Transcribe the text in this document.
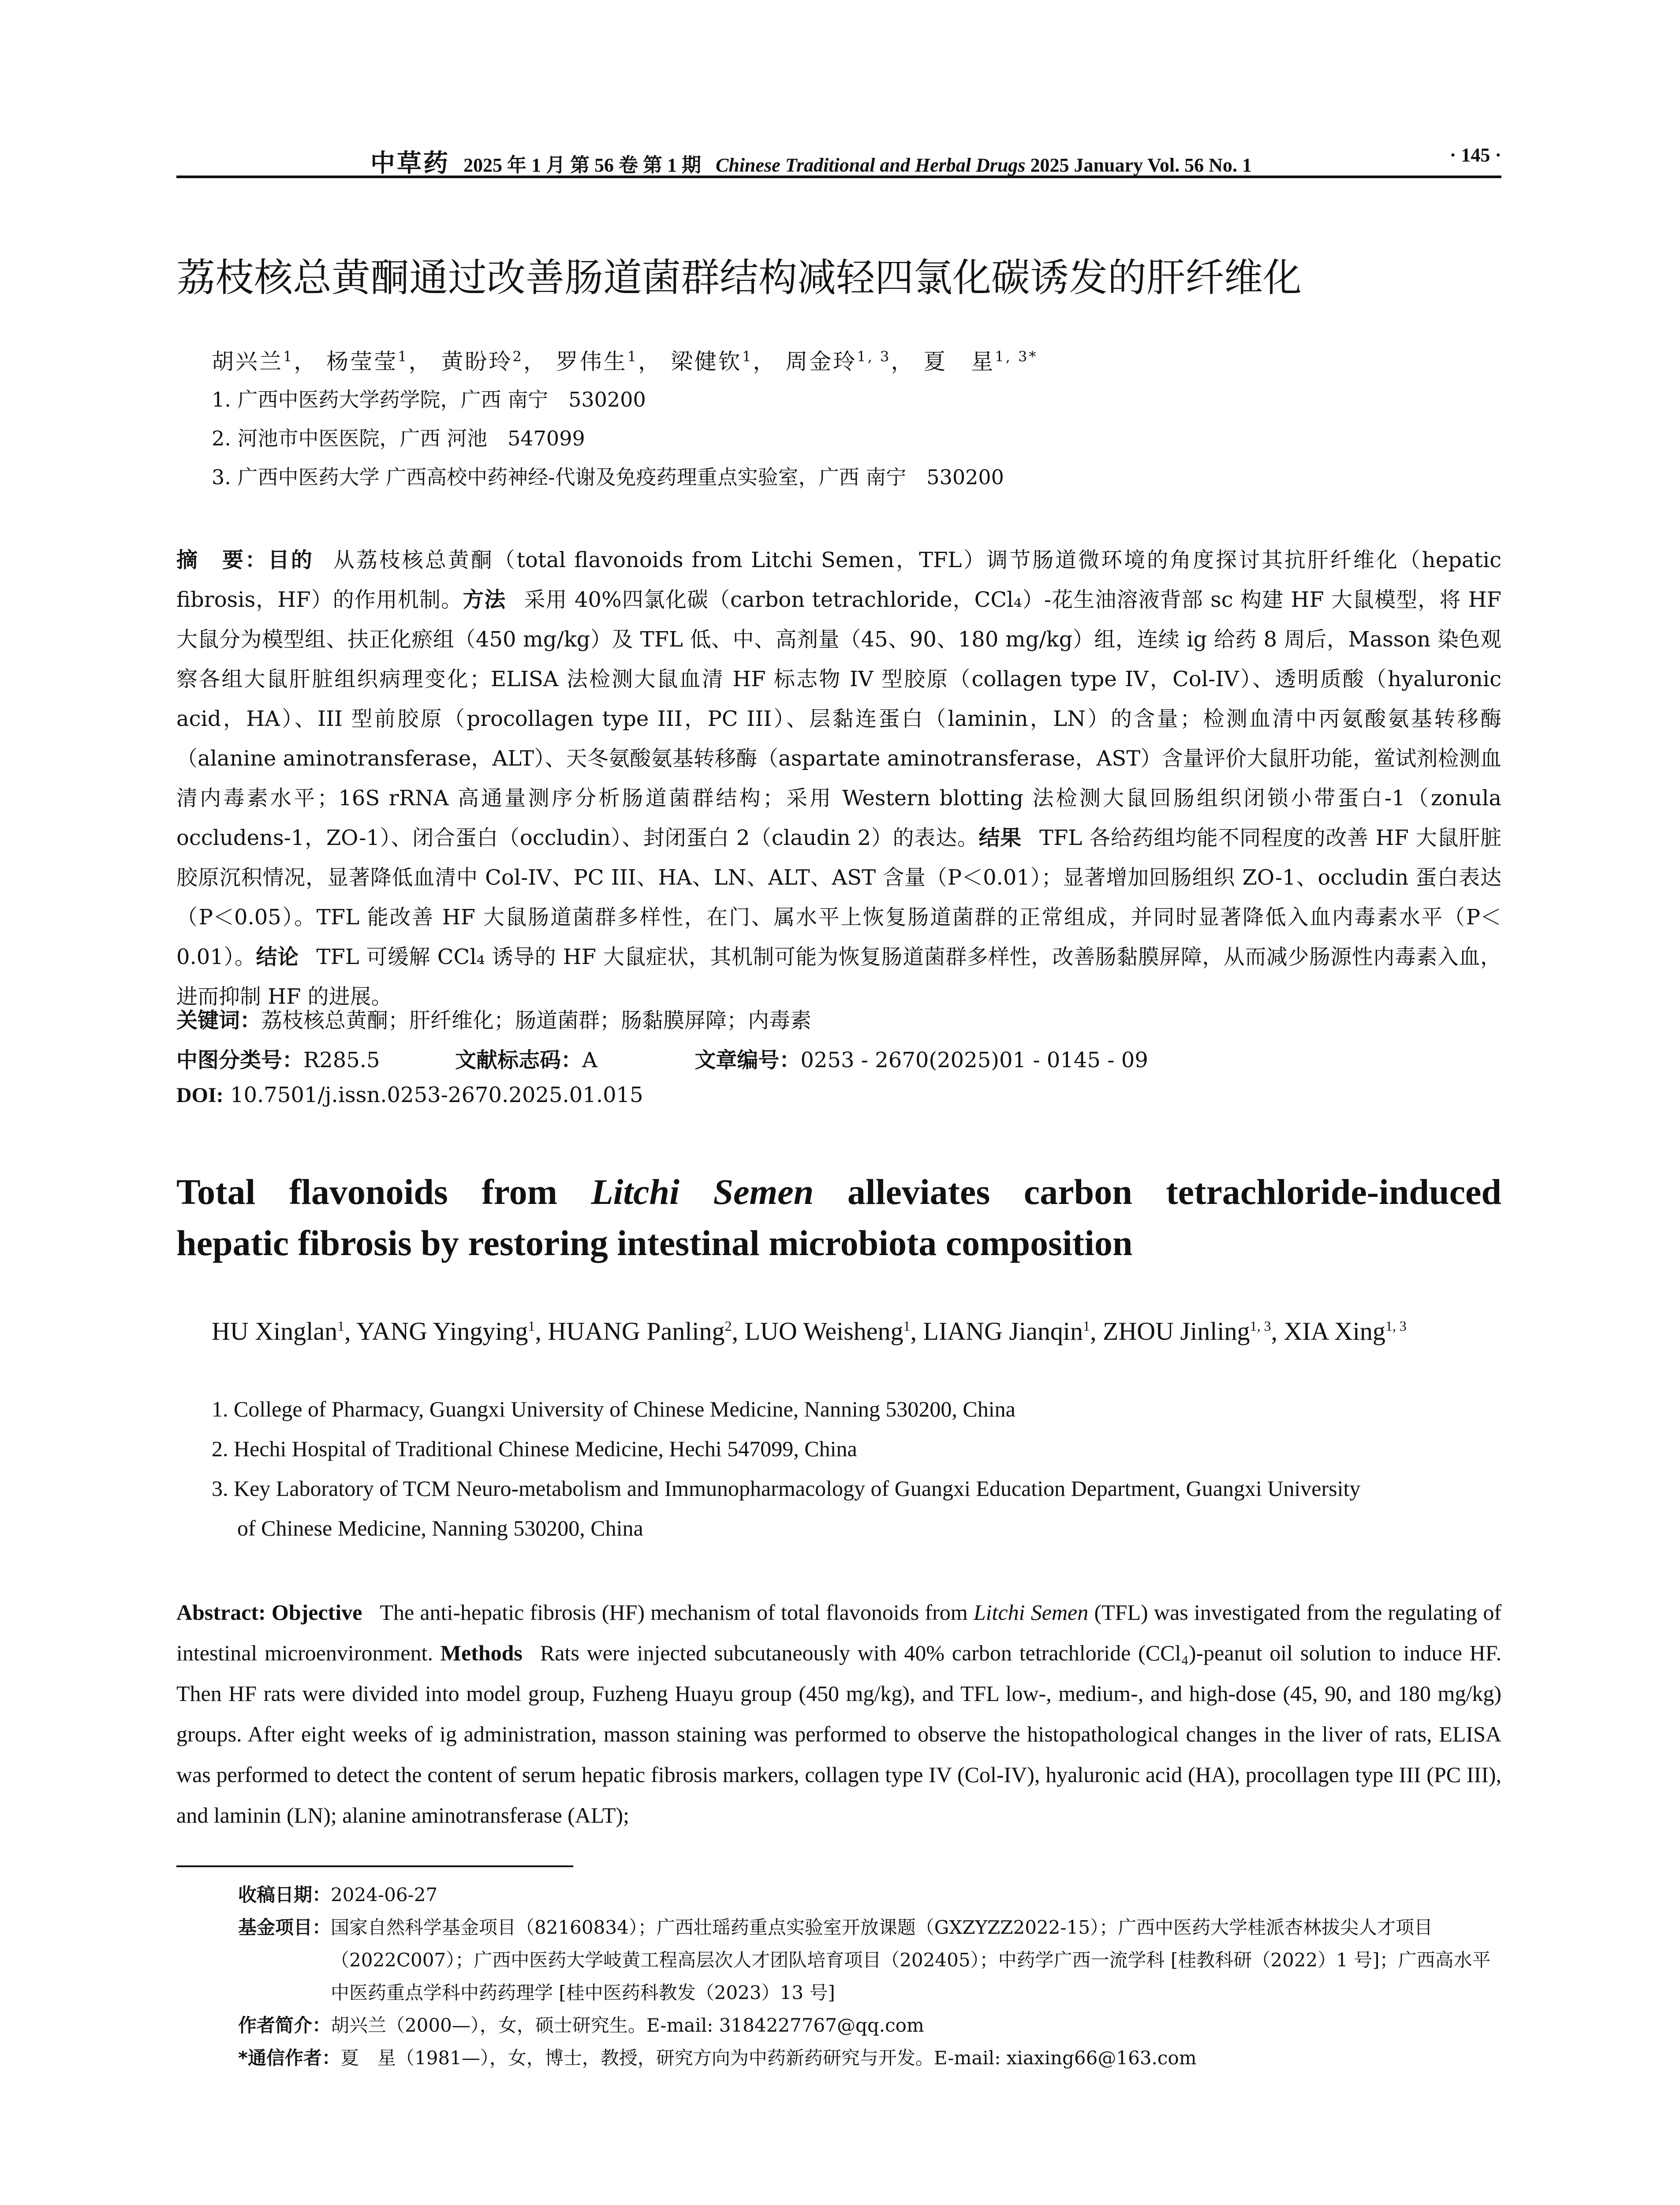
中草药 2025 年 1 月 第 56 卷 第 1 期 Chinese Traditional and Herbal Drugs 2025 January Vol. 56 No. 1	· 145 ·
荔枝核总黄酮通过改善肠道菌群结构减轻四氯化碳诱发的肝纤维化
胡兴兰$^1$， 杨莹莹$^1$， 黄盼玲$^2$， 罗伟生$^1$， 梁健钦$^1$， 周金玲$^{1, 3}$， 夏　星$^{1, 3*}$
1. 广西中医药大学药学院，广西 南宁　530200
2. 河池市中医医院，广西 河池　547099
3. 广西中医药大学 广西高校中药神经-代谢及免疫药理重点实验室，广西 南宁　530200
摘　要：目的 从荔枝核总黄酮（total flavonoids from Litchi Semen，TFL）调节肠道微环境的角度探讨其抗肝纤维化（hepatic fibrosis，HF）的作用机制。方法 采用 40%四氯化碳（carbon tetrachloride，CCl₄）-花生油溶液背部 sc 构建 HF 大鼠模型，将 HF 大鼠分为模型组、扶正化瘀组（450 mg/kg）及 TFL 低、中、高剂量（45、90、180 mg/kg）组，连续 ig 给药 8 周后，Masson 染色观察各组大鼠肝脏组织病理变化；ELISA 法检测大鼠血清 HF 标志物 IV 型胶原（collagen type IV，Col-IV）、透明质酸（hyaluronic acid，HA）、III 型前胶原（procollagen type III，PC III）、层黏连蛋白（laminin，LN）的含量；检测血清中丙氨酸氨基转移酶（alanine aminotransferase，ALT）、天冬氨酸氨基转移酶（aspartate aminotransferase，AST）含量评价大鼠肝功能，鲎试剂检测血清内毒素水平；16S rRNA 高通量测序分析肠道菌群结构；采用 Western blotting 法检测大鼠回肠组织闭锁小带蛋白-1（zonula occludens-1，ZO-1）、闭合蛋白（occludin）、封闭蛋白 2（claudin 2）的表达。结果 TFL 各给药组均能不同程度的改善 HF 大鼠肝脏胶原沉积情况，显著降低血清中 Col-IV、PC III、HA、LN、ALT、AST 含量（P＜0.01）；显著增加回肠组织 ZO-1、occludin 蛋白表达（P＜0.05）。TFL 能改善 HF 大鼠肠道菌群多样性，在门、属水平上恢复肠道菌群的正常组成，并同时显著降低入血内毒素水平（P＜0.01）。结论 TFL 可缓解 CCl₄ 诱导的 HF 大鼠症状，其机制可能为恢复肠道菌群多样性，改善肠黏膜屏障，从而减少肠源性内毒素入血，进而抑制 HF 的进展。
关键词：荔枝核总黄酮；肝纤维化；肠道菌群；肠黏膜屏障；内毒素
中图分类号：R285.5	文献标志码：A	文章编号：0253 - 2670(2025)01 - 0145 - 09
DOI: 10.7501/j.issn.0253-2670.2025.01.015
Total flavonoids from Litchi Semen alleviates carbon tetrachloride-induced
hepatic fibrosis by restoring intestinal microbiota composition
HU Xinglan$^1$, YANG Yingying$^1$, HUANG Panling$^2$, LUO Weisheng$^1$, LIANG Jianqin$^1$, ZHOU Jinling$^{1, 3}$, XIA Xing$^{1, 3}$
1. College of Pharmacy, Guangxi University of Chinese Medicine, Nanning 530200, China
2. Hechi Hospital of Traditional Chinese Medicine, Hechi 547099, China
3. Key Laboratory of TCM Neuro-metabolism and Immunopharmacology of Guangxi Education Department, Guangxi University
of Chinese Medicine, Nanning 530200, China
Abstract: Objective The anti-hepatic fibrosis (HF) mechanism of total flavonoids from Litchi Semen (TFL) was investigated from the regulating of intestinal microenvironment. Methods Rats were injected subcutaneously with 40% carbon tetrachloride (CCl₄)-peanut oil solution to induce HF. Then HF rats were divided into model group, Fuzheng Huayu group (450 mg/kg), and TFL low-, medium-, and high-dose (45, 90, and 180 mg/kg) groups. After eight weeks of ig administration, masson staining was performed to observe the histopathological changes in the liver of rats, ELISA was performed to detect the content of serum hepatic fibrosis markers, collagen type IV (Col-IV), hyaluronic acid (HA), procollagen type III (PC III), and laminin (LN); alanine aminotransferase (ALT);
收稿日期： 2024-06-27
基金项目： 国家自然科学基金项目（82160834）；广西壮瑶药重点实验室开放课题（GXZYZZ2022-15）；广西中医药大学桂派杏林拔尖人才项目（2022C007）；广西中医药大学岐黄工程高层次人才团队培育项目（202405）；中药学广西一流学科 [桂教科研（2022）1 号]；广西高水平中医药重点学科中药药理学 [桂中医药科教发（2023）13 号]
作者简介： 胡兴兰（2000—），女，硕士研究生。E-mail: 3184227767@qq.com
*通信作者： 夏　星（1981—），女，博士，教授，研究方向为中药新药研究与开发。E-mail: xiaxing66@163.com
